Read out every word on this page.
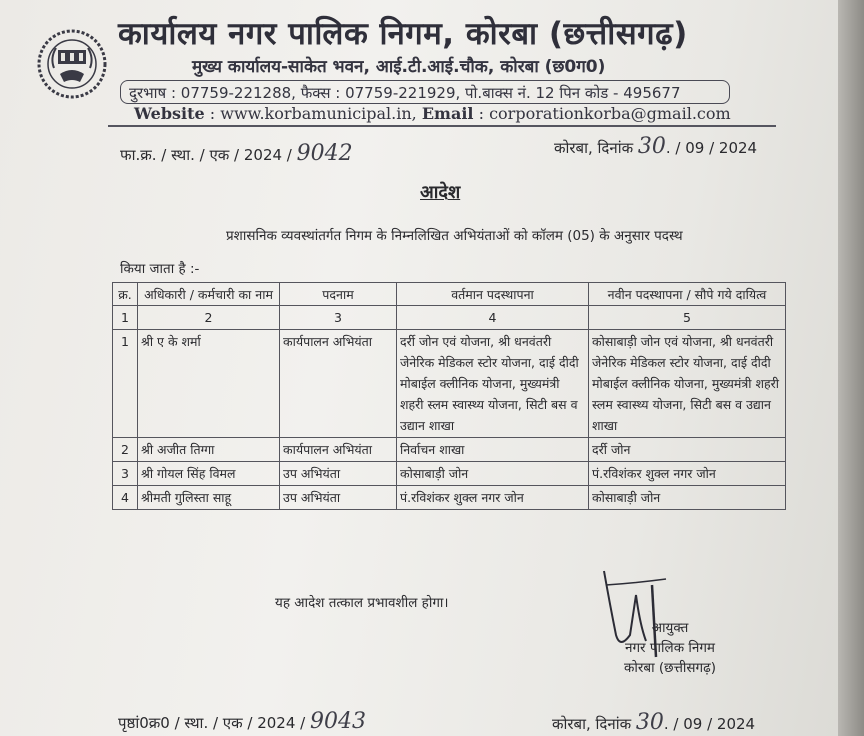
कार्यालय नगर पालिक निगम, कोरबा (छत्तीसगढ़)
मुख्य कार्यालय-साकेत भवन, आई.टी.आई.चौक, कोरबा (छ0ग0)
दुरभाष : 07759-221288, फैक्स : 07759-221929, पो.बाक्स नं. 12 पिन कोड - 495677
Website : www.korbamunicipal.in, Email : corporationkorba@gmail.com
फा.क्र. / स्था. / एक / 2024 / 9042	कोरबा, दिनांक 30. / 09 / 2024
आदेश
प्रशासनिक व्यवस्थांतर्गत निगम के निम्नलिखित अभियंताओं को कॉलम (05) के अनुसार पदस्थ
किया जाता है :-
क्र.	अधिकारी / कर्मचारी का नाम	पदनाम	वर्तमान पदस्थापना	नवीन पदस्थापना / सौपे गये दायित्व
1	2	3	4	5
1	श्री ए के शर्मा	कार्यपालन अभियंता	दर्री जोन एवं योजना, श्री धनवंतरी जेनेरिक मेडिकल स्टोर योजना, दाई दीदी मोबाईल क्लीनिक योजना, मुख्यमंत्री शहरी स्लम स्वास्थ्य योजना, सिटी बस व उद्यान शाखा	कोसाबाड़ी जोन एवं योजना, श्री धनवंतरी जेनेरिक मेडिकल स्टोर योजना, दाई दीदी मोबाईल क्लीनिक योजना, मुख्यमंत्री शहरी स्लम स्वास्थ्य योजना, सिटी बस व उद्यान शाखा
2	श्री अजीत तिग्गा	कार्यपालन अभियंता	निर्वाचन शाखा	दर्री जोन
3	श्री गोयल सिंह विमल	उप अभियंता	कोसाबाड़ी जोन	पं.रविशंकर शुक्ल नगर जोन
4	श्रीमती गुलिस्ता साहू	उप अभियंता	पं.रविशंकर शुक्ल नगर जोन	कोसाबाड़ी जोन
यह आदेश तत्काल प्रभावशील होगा।
आयुक्त
नगर पालिक निगम
कोरबा (छत्तीसगढ़)
पृष्ठां0क्र0 / स्था. / एक / 2024 / 9043	कोरबा, दिनांक 30. / 09 / 2024
